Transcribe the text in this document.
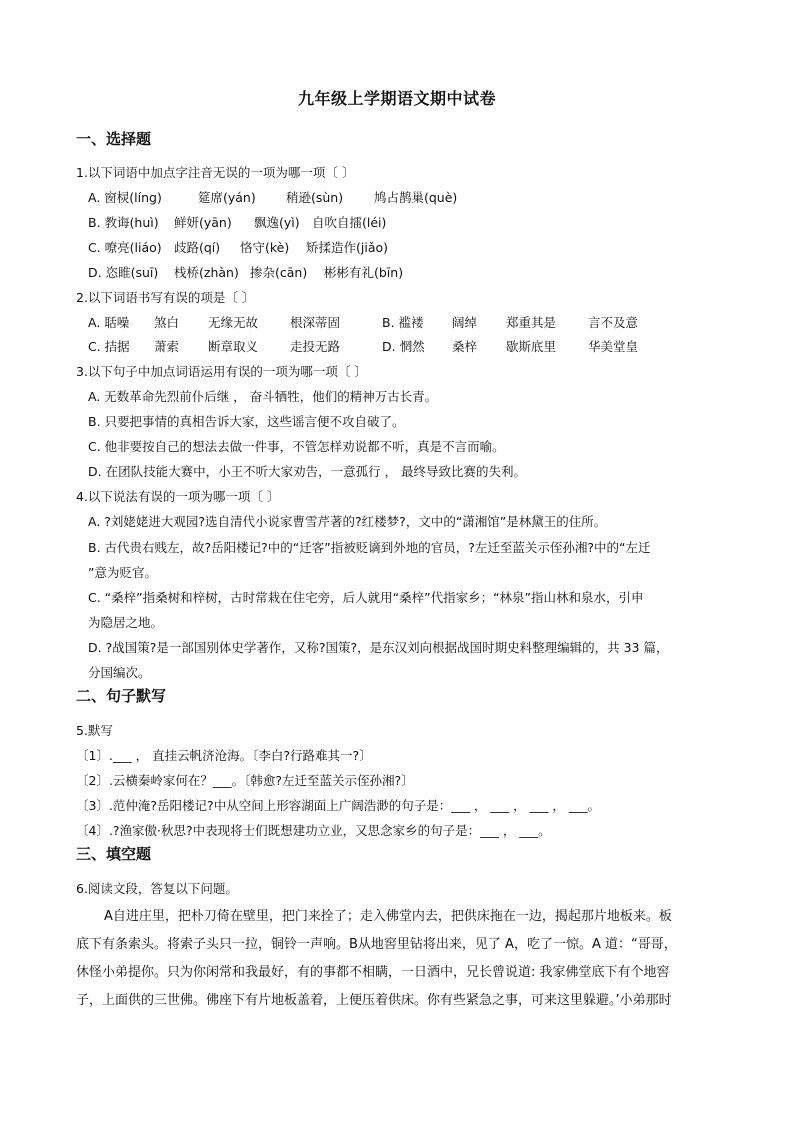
九年级上学期语文期中试卷
一、选择题
1.以下词语中加点字注音无误的一项为哪一项〔 〕
A. 窗棂(líng)	筵席(yán) 稍逊(sùn) 鸠占鹊巢(què)
B. 教诲(huì) 鲜妍(yān) 飘逸(yì) 自吹自擂(léi)
C. 嘹亮(liáo) 歧路(qí) 恪守(kè) 矫揉造作(jiǎo)
D. 恣睢(suī) 栈桥(zhàn) 掺杂(cān) 彬彬有礼(bīn)
2.以下词语书写有误的项是〔 〕
A. 聒噪 煞白 无缘无故	根深蒂固	B. 褴褛 阔绰 郑重其是	言不及意
C. 拮据 萧索 断章取义	走投无路	D. 惘然 桑梓 歇斯底里	华美堂皇
3.以下句子中加点词语运用有误的一项为哪一项〔 〕
A. 无数革命先烈前仆后继 ， 奋斗牺牲，他们的精神万古长青。
B. 只要把事情的真相告诉大家，这些谣言便不攻自破了。
C. 他非要按自己的想法去做一件事，不管怎样劝说都不听，真是不言而喻。
D. 在团队技能大赛中，小王不听大家劝告，一意孤行 ， 最终导致比赛的失利。
4.以下说法有误的一项为哪一项〔 〕
A. ?刘姥姥进大观园?选自清代小说家曹雪芹著的?红楼梦?，文中的“潇湘馆”是林黛王的住所。
B. 古代贵右贱左，故?岳阳楼记?中的“迁客”指被贬谪到外地的官员，?左迁至蓝关示侄孙湘?中的“左迁
”意为贬官。
C. “桑梓”指桑树和梓树，古时常栽在住宅旁，后人就用“桑梓”代指家乡；“林泉”指山林和泉水，引申
为隐居之地。
D. ?战国策?是一部国别体史学著作，又称?国策?，是东汉刘向根据战国时期史料整理编辑的，共 33 篇，
分国编次。
二、句子默写
5.默写
〔1〕.___ ， 直挂云帆济沧海。〔李白?行路难其一?〕
〔2〕.云横秦岭家何在？___。〔韩愈?左迁至蓝关示侄孙湘?〕
〔3〕.范仲淹?岳阳楼记?中从空间上形容湖面上广阔浩渺的句子是：___ ， ___ ， ___ ， ___。
〔4〕.?渔家傲·秋思?中表现将士们既想建功立业，又思念家乡的句子是：___ ， ___。
三、填空题
6.阅读文段，答复以下问题。
A自进庄里，把朴刀倚在壁里，把门来拴了；走入佛堂内去，把供床拖在一边，揭起那片地板来。板
底下有条索头。将索子头只一拉，铜铃一声响。B从地窖里钻将出来，见了 A，吃了一惊。A 道：“哥哥，
休怪小弟提你。只为你闲常和我最好，有的事都不相瞒，一日酒中，兄长曾说道: 我家佛堂底下有个地窖
子，上面供的三世佛。佛座下有片地板盖着，上便压着供床。你有些紧急之事，可来这里躲避。’小弟那时
